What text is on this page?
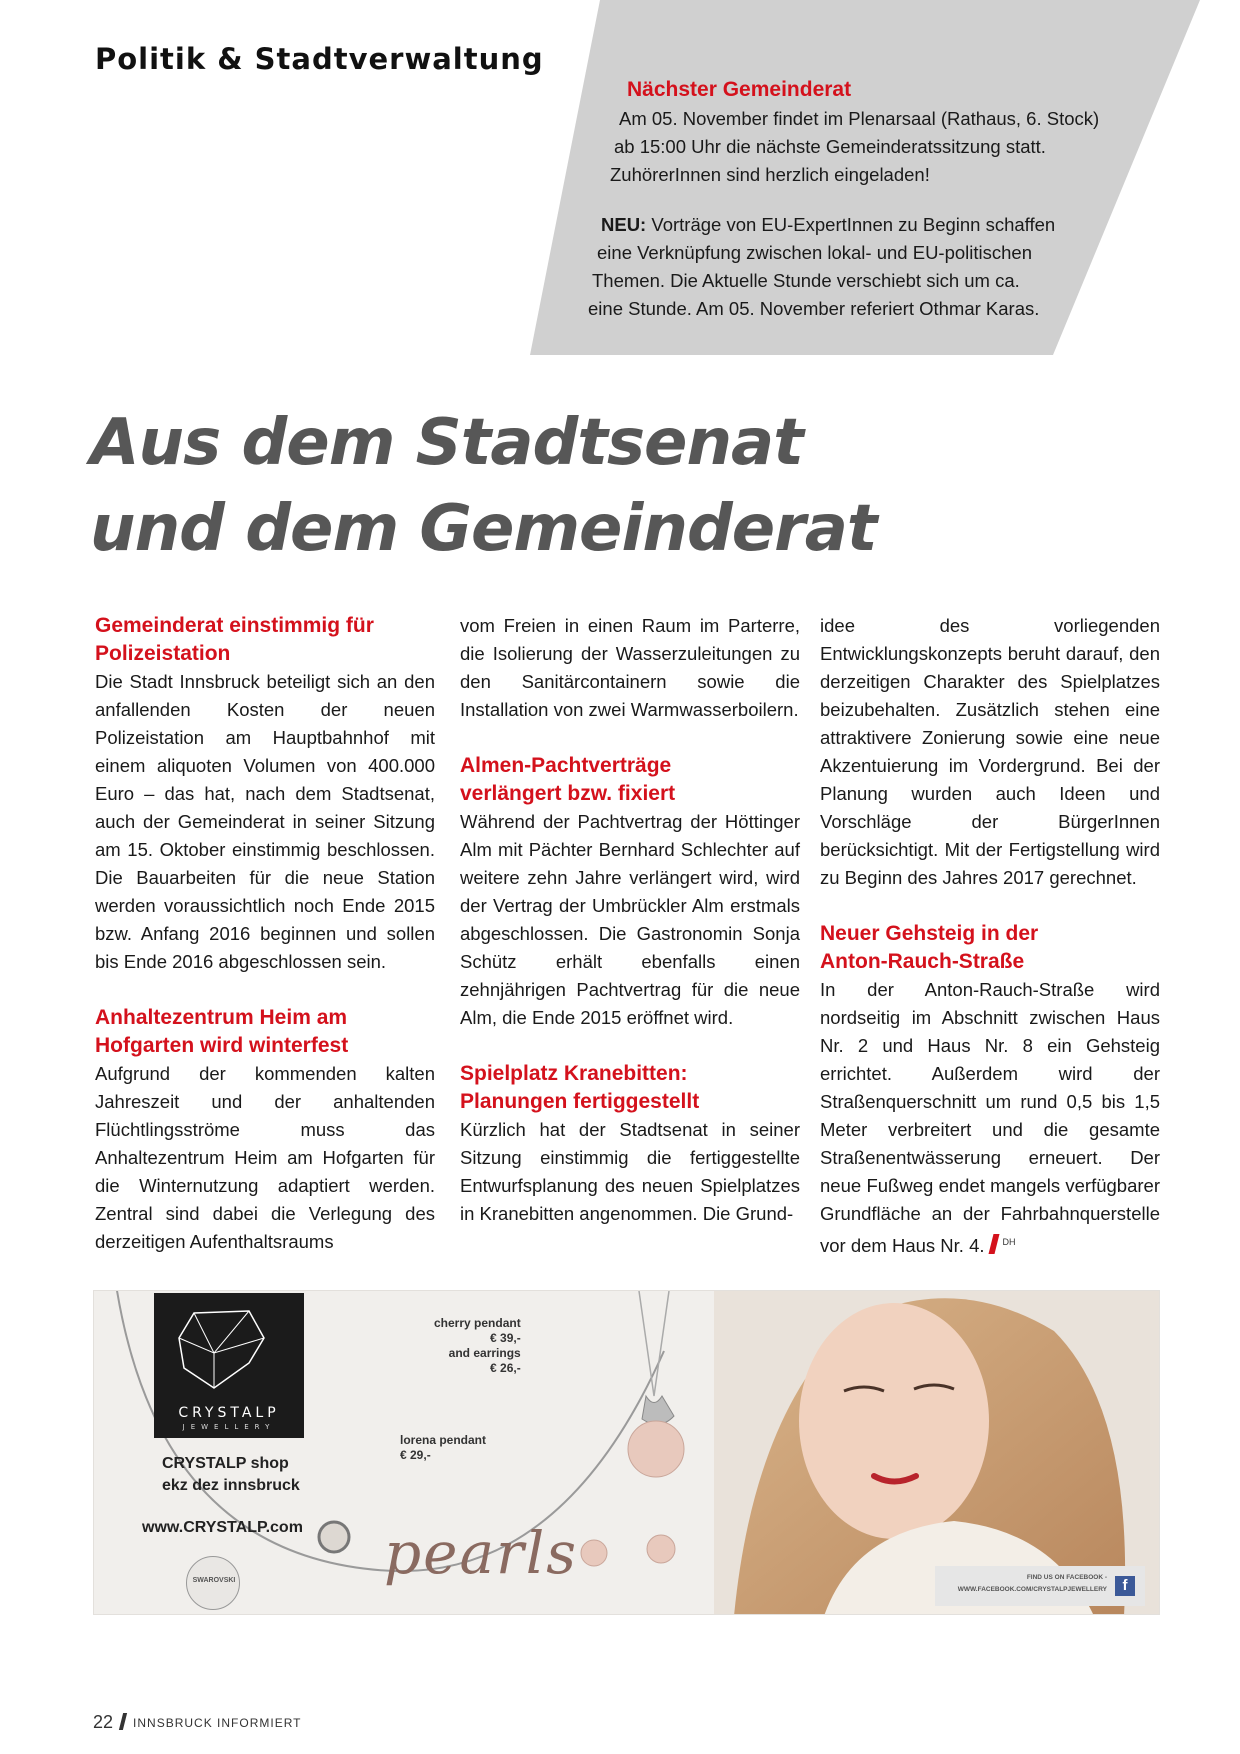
Politik & Stadtverwaltung
Nächster Gemeinderat
Am 05. November findet im Plenarsaal (Rathaus, 6. Stock)
ab 15:00 Uhr die nächste Gemeinderatssitzung statt.
ZuhörerInnen sind herzlich eingeladen!
NEU: Vorträge von EU-ExpertInnen zu Beginn schaffen
eine Verknüpfung zwischen lokal- und EU-politischen
Themen. Die Aktuelle Stunde verschiebt sich um ca.
eine Stunde. Am 05. November referiert Othmar Karas.
Aus dem Stadtsenat
und dem Gemeinderat
Gemeinderat einstimmig für
Polizeistation

Die Stadt Innsbruck beteiligt sich an den anfallenden Kosten der neuen Polizeistation am Hauptbahnhof mit einem aliquoten Volumen von 400.000 Euro – das hat, nach dem Stadtsenat, auch der Gemeinderat in seiner Sitzung am 15. Oktober einstimmig beschlossen. Die Bauarbeiten für die neue Station werden voraussichtlich noch Ende 2015 bzw. Anfang 2016 beginnen und sollen bis Ende 2016 abgeschlossen sein.

Anhaltezentrum Heim am
Hofgarten wird winterfest

Aufgrund der kommenden kalten Jahreszeit und der anhaltenden Flüchtlingsströme muss das Anhaltezentrum Heim am Hofgarten für die Winternutzung adaptiert werden. Zentral sind dabei die Verlegung des derzeitigen Aufenthaltsraums

vom Freien in einen Raum im Parterre, die Isolierung der Wasserzuleitungen zu den Sanitärcontainern sowie die Installation von zwei Warmwasserboilern.

Almen-Pachtverträge
verlängert bzw. fixiert

Während der Pachtvertrag der Höttinger Alm mit Pächter Bernhard Schlechter auf weitere zehn Jahre verlängert wird, wird der Vertrag der Umbrückler Alm erstmals abgeschlossen. Die Gastronomin Sonja Schütz erhält ebenfalls einen zehnjährigen Pachtvertrag für die neue Alm, die Ende 2015 eröffnet wird.

Spielplatz Kranebitten:
Planungen fertiggestellt

Kürzlich hat der Stadtsenat in seiner Sitzung einstimmig die fertiggestellte Entwurfsplanung des neuen Spielplatzes in Kranebitten angenommen. Die Grund-

idee des vorliegenden Entwicklungskonzepts beruht darauf, den derzeitigen Charakter des Spielplatzes beizubehalten. Zusätzlich stehen eine attraktivere Zonierung sowie eine neue Akzentuierung im Vordergrund. Bei der Planung wurden auch Ideen und Vorschläge der BürgerInnen berücksichtigt. Mit der Fertigstellung wird zu Beginn des Jahres 2017 gerechnet.

Neuer Gehsteig in der
Anton-Rauch-Straße

In der Anton-Rauch-Straße wird nordseitig im Abschnitt zwischen Haus Nr. 2 und Haus Nr. 8 ein Gehsteig errichtet. Außerdem wird der Straßenquerschnitt um rund 0,5 bis 1,5 Meter verbreitert und die gesamte Straßenentwässerung erneuert. Der neue Fußweg endet mangels verfügbarer Grundfläche an der Fahrbahnquerstelle vor dem Haus Nr. 4. $^{DH}$

CRYSTALP
JEWELLERY
CRYSTALP shop
ekz dez innsbruck
www.CRYSTALP.com
cherry pendant
€ 39,-
and earrings
€ 26,-
lorena pendant
€ 29,-
pearls
SWAROVSKI	FIND US ON FACEBOOK -
WWW.FACEBOOK.COM/CRYSTALPJEWELLERY	f
22 INNSBRUCK INFORMIERT
